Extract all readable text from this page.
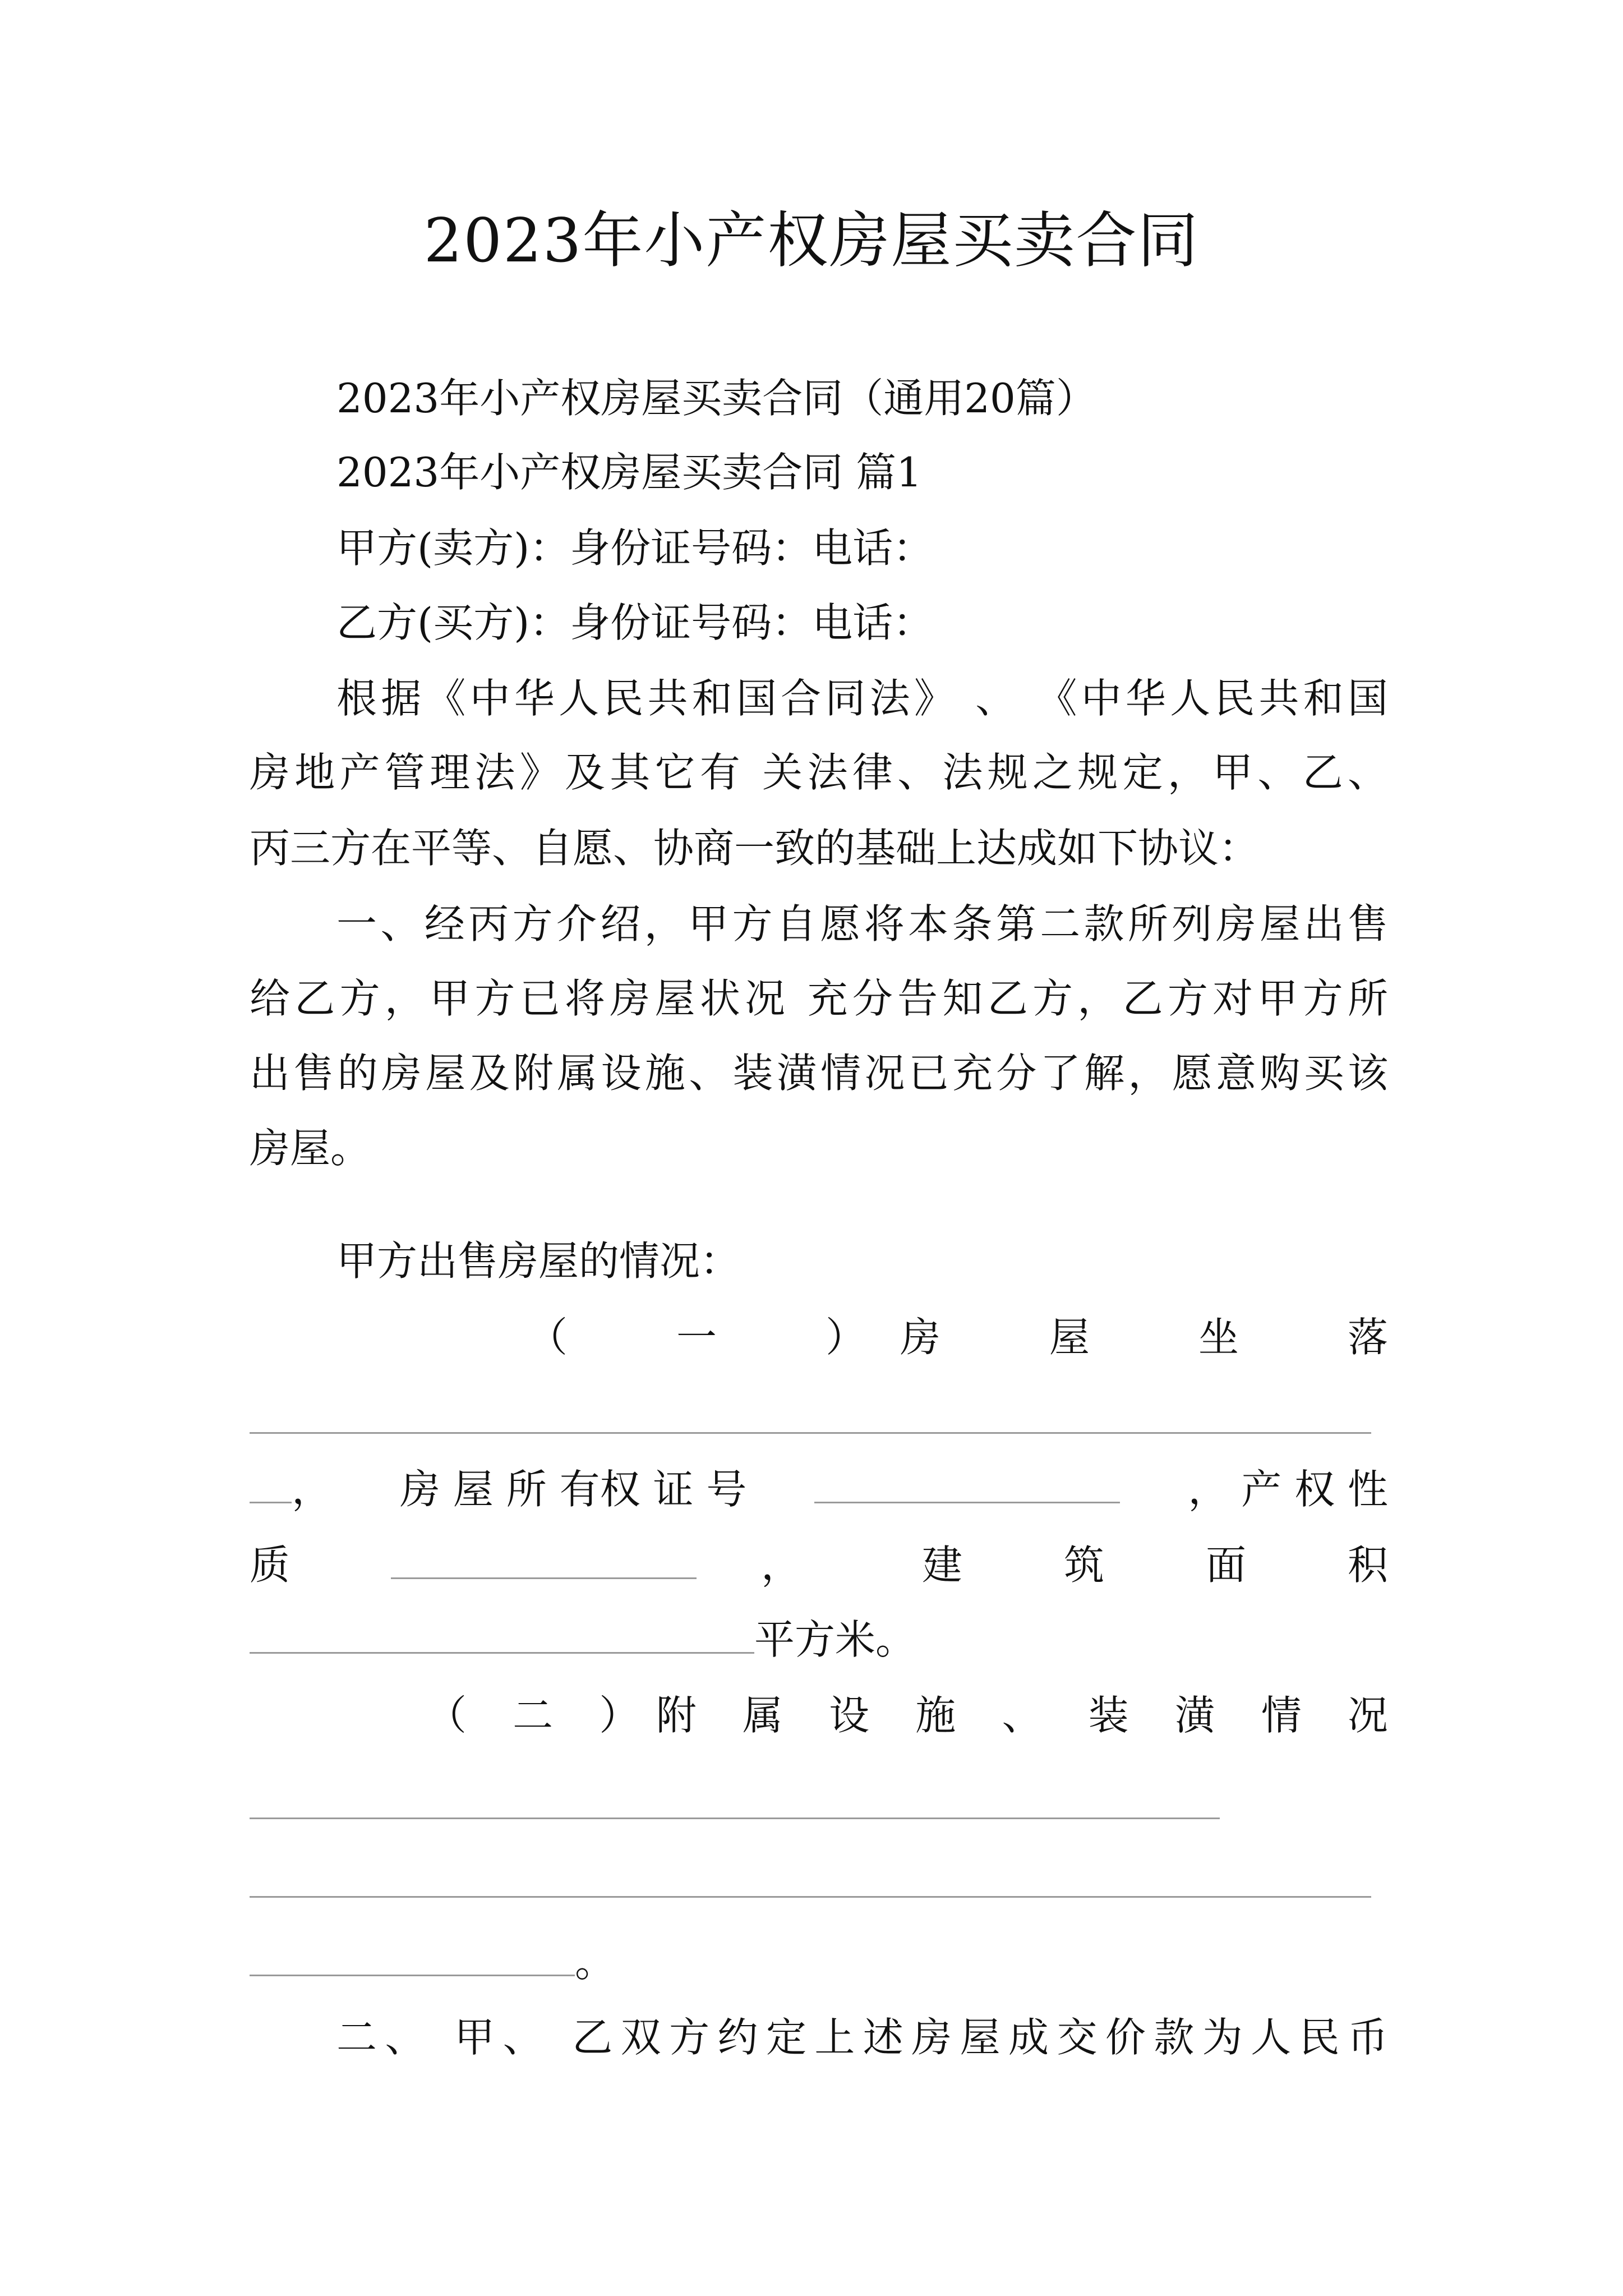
2023年小产权房屋买卖合同

2023年小产权房屋买卖合同（通用20篇）

2023年小产权房屋买卖合同 篇1

甲方(卖方)：身份证号码：电话：

乙方(买方)：身份证号码：电话：

根据《中华人民共和国合同法》 、 《中华人民共和国

房地产管理法》及其它有 关法律、法规之规定，甲、乙、

丙三方在平等、自愿、协商一致的基础上达成如下协议：

一、经丙方介绍，甲方自愿将本条第二款所列房屋出售

给乙方，甲方已将房屋状况 充分告知乙方，乙方对甲方所

出售的房屋及附属设施、装潢情况已充分了解，愿意购买该

房屋。

甲方出售房屋的情况：

（　一　）房　屋　坐　落

， 房 屋 所 有权 证 号	， 产 权 性
质	，	建　　筑　　面　　积
平方米。

（ 二 ）附 属 设 施 、 装 潢 情 况

。

二、 甲、 乙双方约定上述房屋成交价款为人民币
